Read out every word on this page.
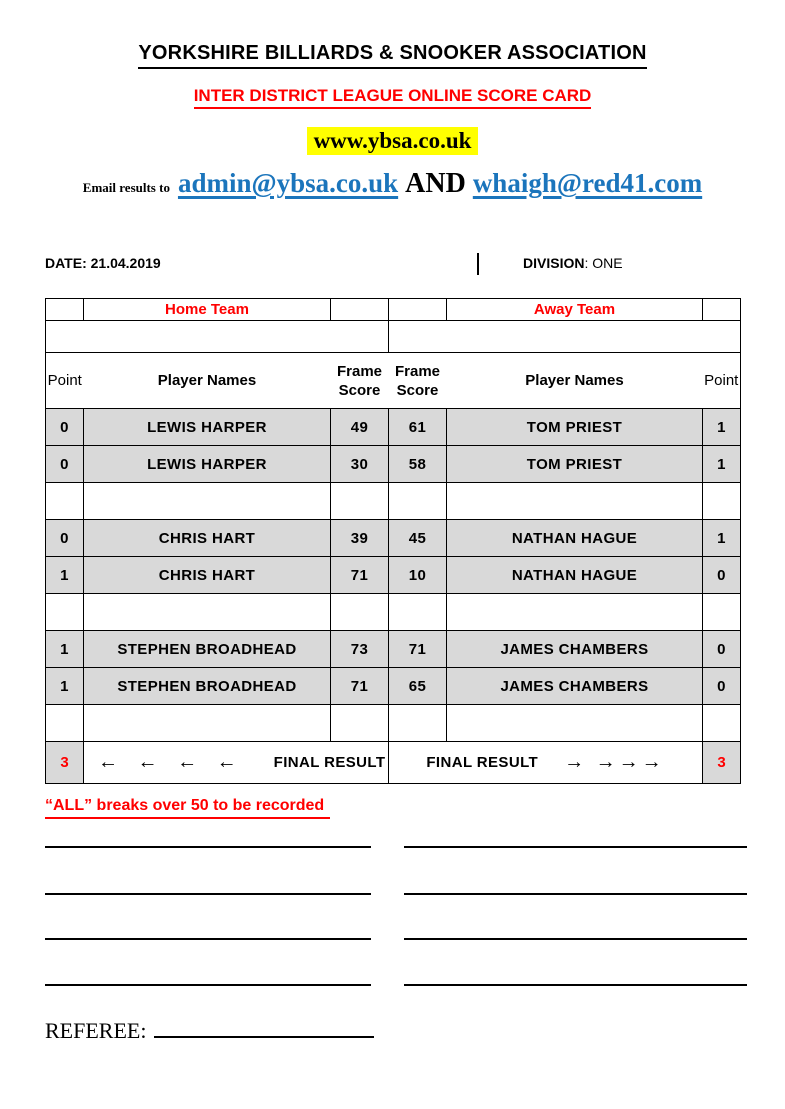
YORKSHIRE BILLIARDS & SNOOKER ASSOCIATION
INTER DISTRICT LEAGUE ONLINE SCORE CARD
www.ybsa.co.uk
Email results to admin@ybsa.co.uk AND whaigh@red41.com
DATE: 21.04.2019	DIVISION: ONE
	Home Team			Away Team	

Point	Player Names	Frame Score	Frame Score	Player Names	Point
0	LEWIS HARPER	49	61	TOM PRIEST	1
0	LEWIS HARPER	30	58	TOM PRIEST	1

0	CHRIS HART	39	45	NATHAN HAGUE	1
1	CHRIS HART	71	10	NATHAN HAGUE	0

1	STEPHEN BROADHEAD	73	71	JAMES CHAMBERS	0
1	STEPHEN BROADHEAD	71	65	JAMES CHAMBERS	0

3	← ← ← ← FINAL RESULT		FINAL RESULT → →→→		3
“ALL” breaks over 50 to be recorded
REFEREE:
